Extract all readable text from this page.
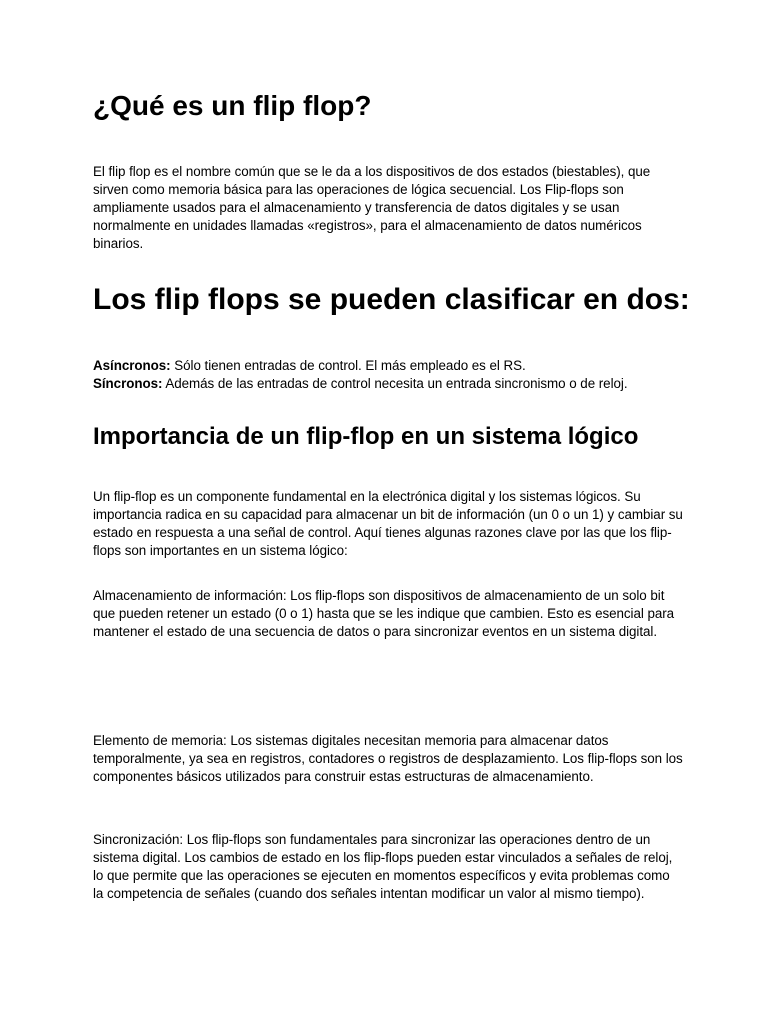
¿Qué es un flip flop?

El flip flop es el nombre común que se le da a los dispositivos de dos estados (biestables), que sirven como memoria básica para las operaciones de lógica secuencial. Los Flip-flops son ampliamente usados para el almacenamiento y transferencia de datos digitales y se usan normalmente en unidades llamadas «registros», para el almacenamiento de datos numéricos binarios.

Los flip flops se pueden clasificar en dos:
Asíncronos: Sólo tienen entradas de control. El más empleado es el RS.
Síncronos: Además de las entradas de control necesita un entrada sincronismo o de reloj.
Importancia de un flip-flop en un sistema lógico

Un flip-flop es un componente fundamental en la electrónica digital y los sistemas lógicos. Su importancia radica en su capacidad para almacenar un bit de información (un 0 o un 1) y cambiar su estado en respuesta a una señal de control. Aquí tienes algunas razones clave por las que los flip-flops son importantes en un sistema lógico:

Almacenamiento de información: Los flip-flops son dispositivos de almacenamiento de un solo bit que pueden retener un estado (0 o 1) hasta que se les indique que cambien. Esto es esencial para mantener el estado de una secuencia de datos o para sincronizar eventos en un sistema digital.

Elemento de memoria: Los sistemas digitales necesitan memoria para almacenar datos temporalmente, ya sea en registros, contadores o registros de desplazamiento. Los flip-flops son los componentes básicos utilizados para construir estas estructuras de almacenamiento.

Sincronización: Los flip-flops son fundamentales para sincronizar las operaciones dentro de un sistema digital. Los cambios de estado en los flip-flops pueden estar vinculados a señales de reloj, lo que permite que las operaciones se ejecuten en momentos específicos y evita problemas como la competencia de señales (cuando dos señales intentan modificar un valor al mismo tiempo).
